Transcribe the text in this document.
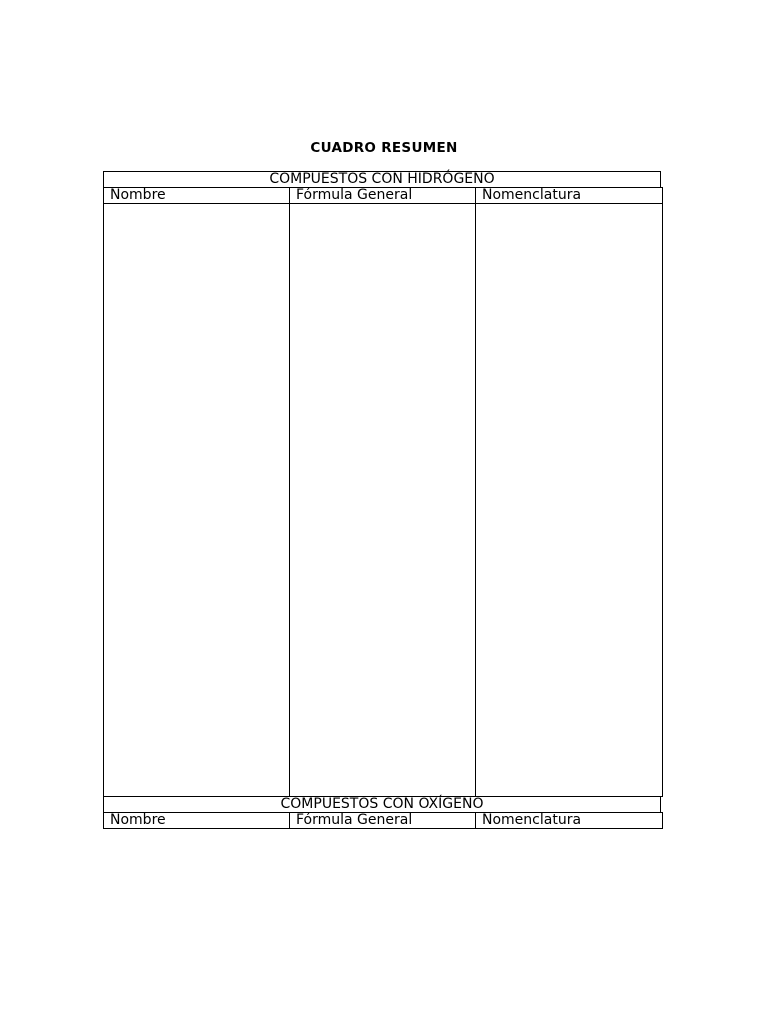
CUADRO RESUMEN
COMPUESTOS CON HIDRÓGENO
Nombre	Fórmula General	Nomenclatura
COMPUESTOS CON OXÍGENO
Nombre	Fórmula General	Nomenclatura
